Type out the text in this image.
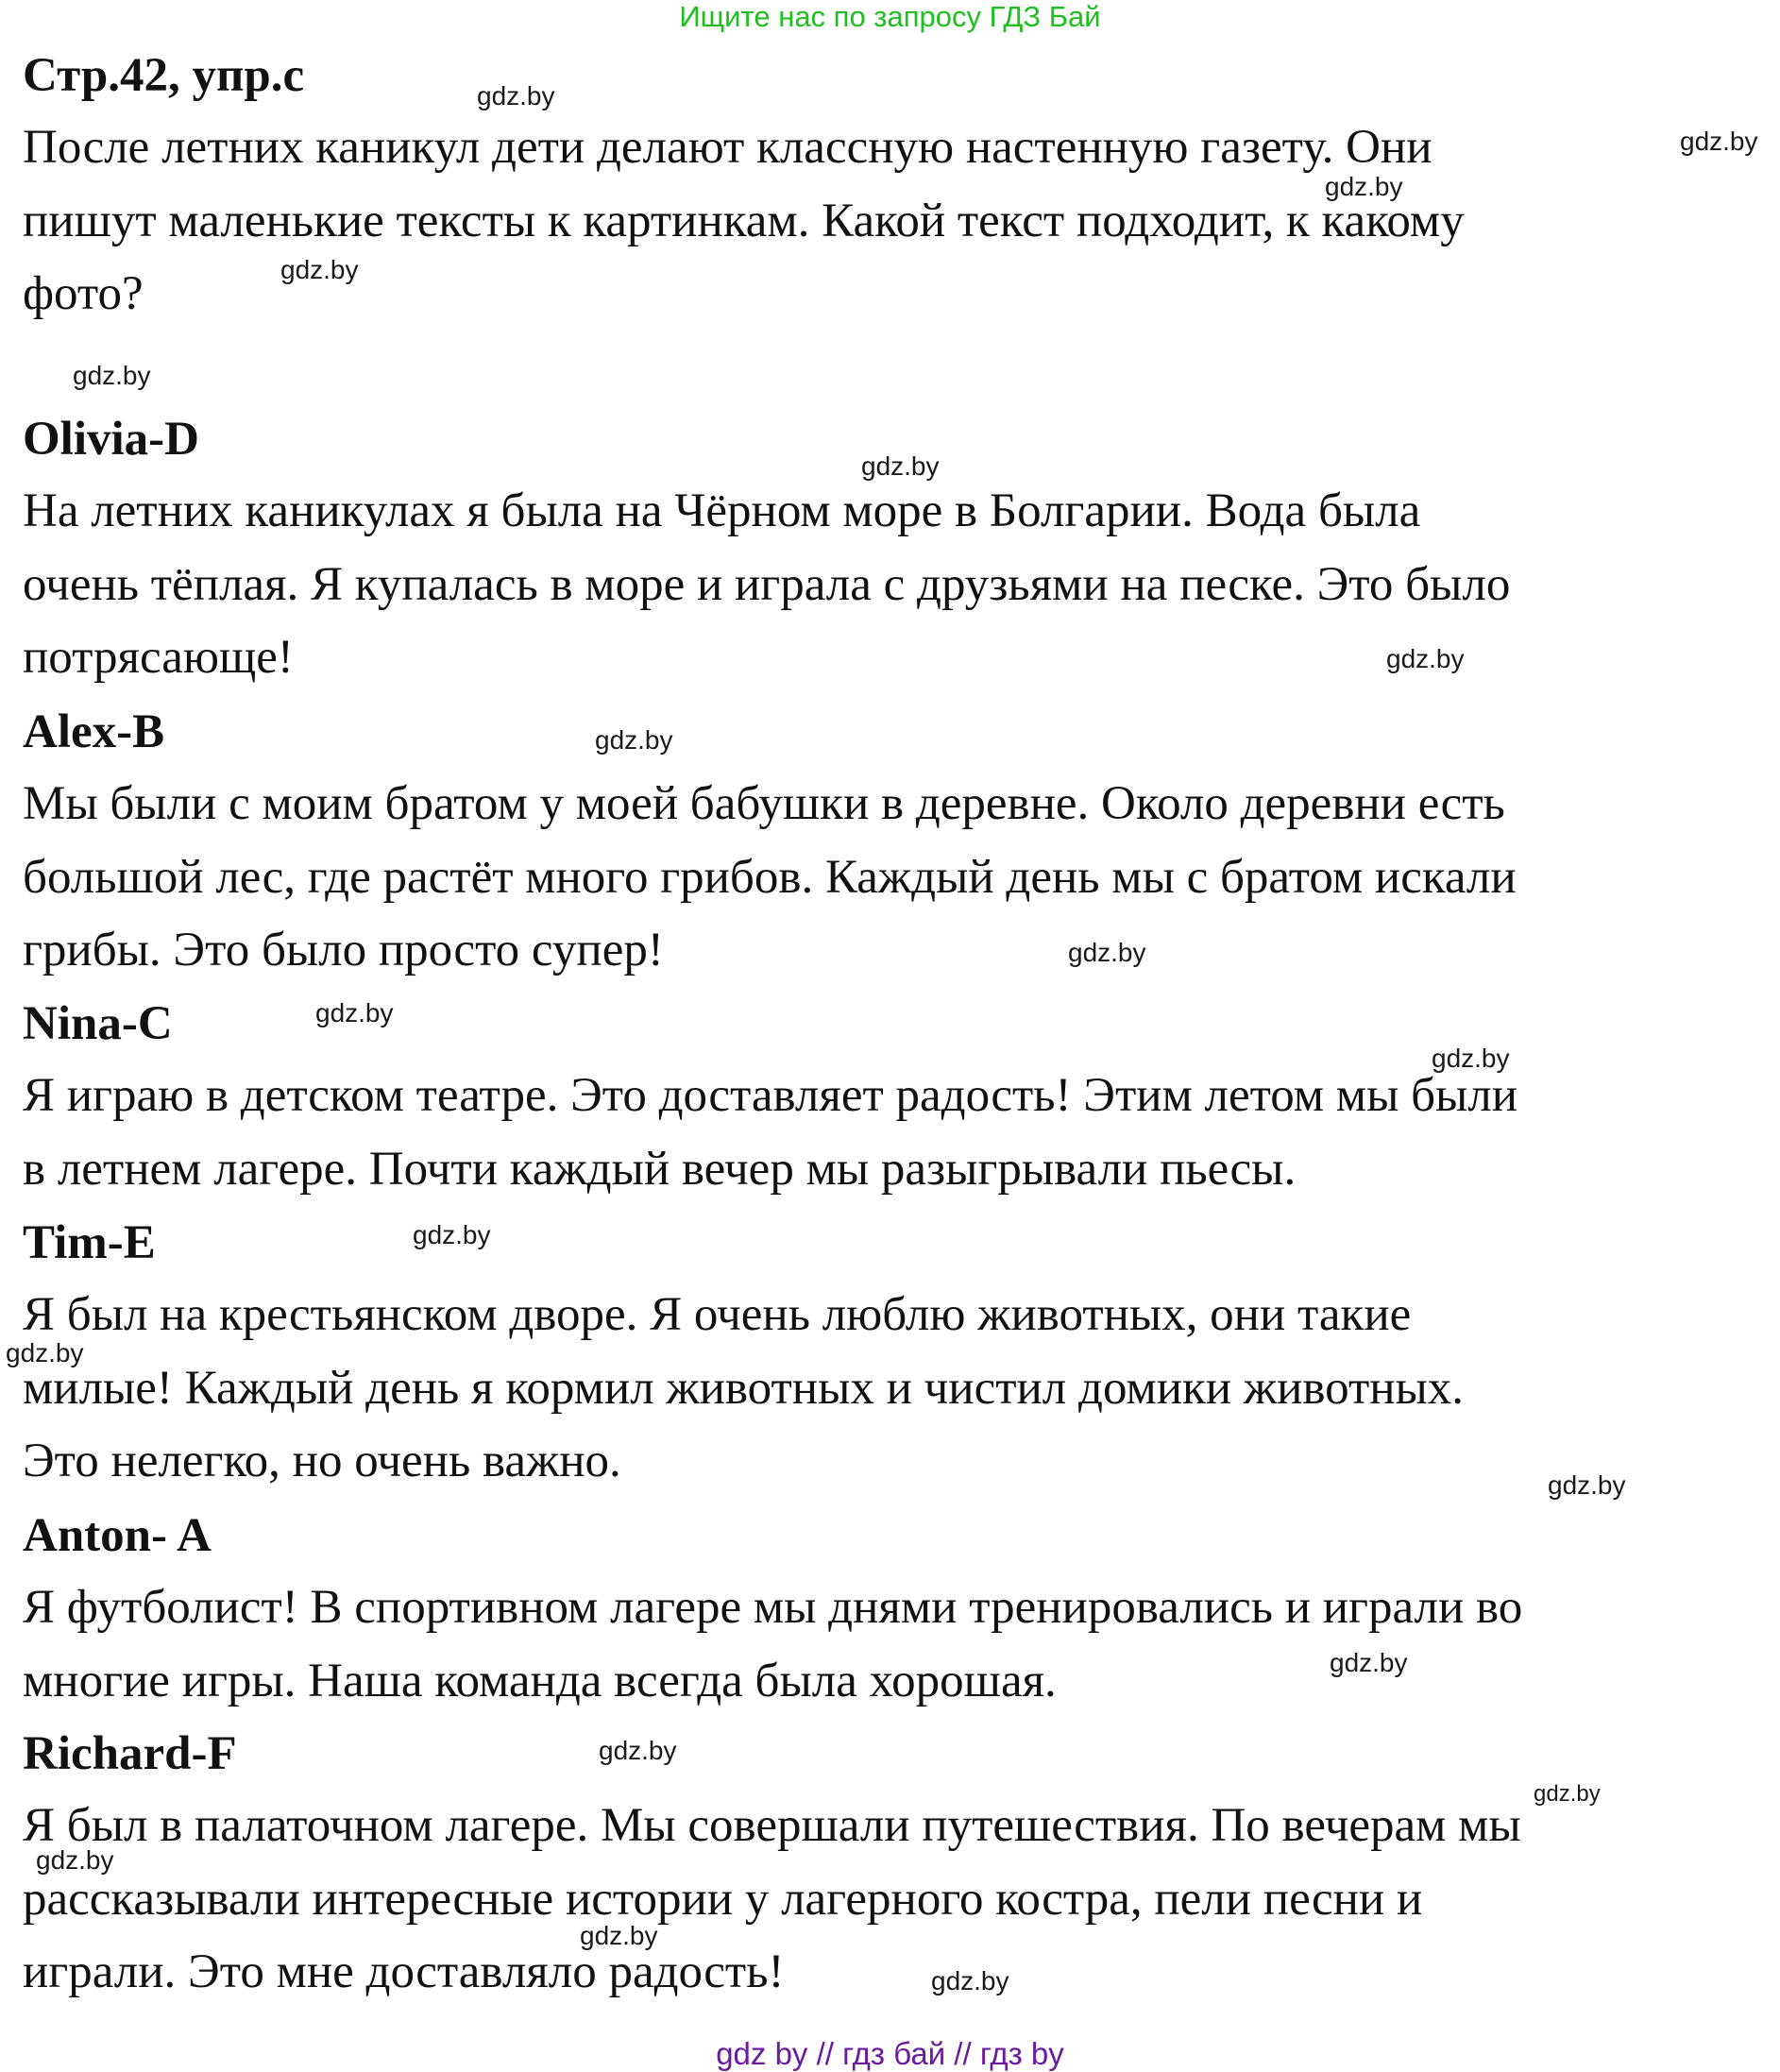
Ищите нас по запросу ГДЗ Бай
Стр.42, упр.с
После летних каникул дети делают классную настенную газету. Они
пишут маленькие тексты к картинкам. Какой текст подходит, к какому
фото?
Olivia-D
На летних каникулах я была на Чёрном море в Болгарии. Вода была
очень тёплая. Я купалась в море и играла с друзьями на песке. Это было
потрясающе!
Alex-B
Мы были с моим братом у моей бабушки в деревне. Около деревни есть
большой лес, где растёт много грибов. Каждый день мы с братом искали
грибы. Это было просто супер!
Nina-C
Я играю в детском театре. Это доставляет радость! Этим летом мы были
в летнем лагере. Почти каждый вечер мы разыгрывали пьесы.
Tim-E
Я был на крестьянском дворе. Я очень люблю животных, они такие
милые! Каждый день я кормил животных и чистил домики животных.
Это нелегко, но очень важно.
Anton- A
Я футболист! В спортивном лагере мы днями тренировались и играли во
многие игры. Наша команда всегда была хорошая.
Richard-F
Я был в палаточном лагере. Мы совершали путешествия. По вечерам мы
рассказывали интересные истории у лагерного костра, пели песни и
играли. Это мне доставляло радость!
gdz.by
gdz.by
gdz.by
gdz.by
gdz.by
gdz.by
gdz.by
gdz.by
gdz.by
gdz.by
gdz.by
gdz.by
gdz.by
gdz.by
gdz.by
gdz.by
gdz.by
gdz.by
gdz.by
gdz.by
gdz by // гдз бай // гдз by
